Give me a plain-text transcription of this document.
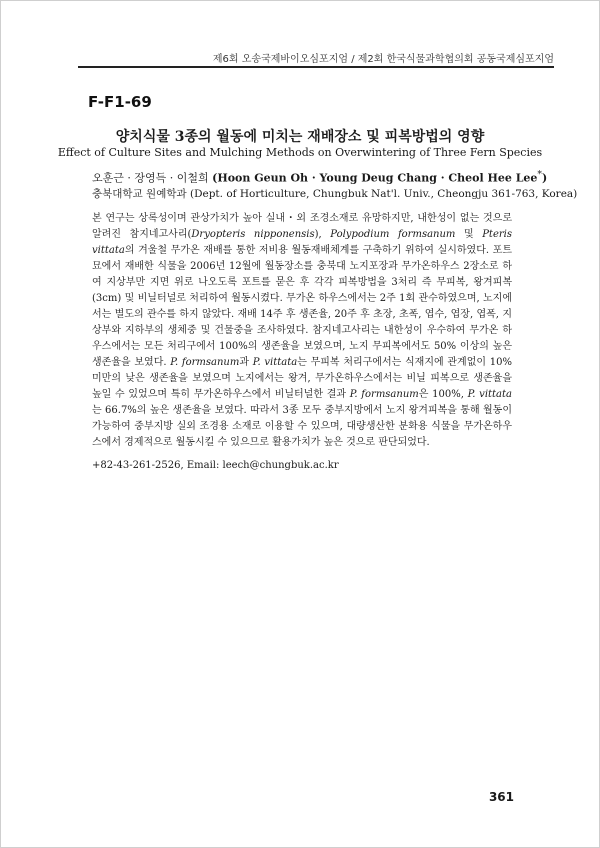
제6회 오송국제바이오심포지엄 / 제2회 한국식물과학협의회 공동국제심포지엄
F-F1-69
양치식물 3종의 월동에 미치는 재배장소 및 피복방법의 영향
Effect of Culture Sites and Mulching Methods on Overwintering of Three Fern Species
오훈근 · 장영득 · 이철희 (Hoon Geun Oh · Young Deug Chang · Cheol Hee Lee*)
충북대학교 원예학과 (Dept. of Horticulture, Chungbuk Nat'l. Univ., Cheongju 361-763, Korea)

본 연구는 상록성이며 관상가치가 높아 실내・외 조경소재로 유망하지만, 내한성이 없는 것으로 알려진 참지네고사리(Dryopteris nipponensis), Polypodium formsanum 및 Pteris vittata의 겨울철 무가온 재배를 통한 저비용 월동재배체계를 구축하기 위하여 실시하였다. 포트묘에서 재배한 식물을 2006년 12월에 월동장소를 충북대 노지포장과 무가온하우스 2장소로 하여 지상부만 지면 위로 나오도록 포트를 묻은 후 각각 피복방법을 3처리 즉 무피복, 왕겨피복(3cm) 및 비닐터널로 처리하여 월동시켰다. 무가온 하우스에서는 2주 1회 관수하였으며, 노지에서는 별도의 관수를 하지 않았다. 재배 14주 후 생존율, 20주 후 초장, 초폭, 엽수, 엽장, 엽폭, 지상부와 지하부의 생체중 및 건물중을 조사하였다. 참지네고사리는 내한성이 우수하여 무가온 하우스에서는 모든 처리구에서 100%의 생존율을 보였으며, 노지 무피복에서도 50% 이상의 높은 생존율을 보였다. P. formsanum과 P. vittata는 무피복 처리구에서는 식재지에 관계없이 10% 미만의 낮은 생존율을 보였으며 노지에서는 왕겨, 무가온하우스에서는 비닐 피복으로 생존율을 높일 수 있었으며 특히 무가온하우스에서 비닐터널한 결과 P. formsanum은 100%, P. vittata는 66.7%의 높은 생존율을 보였다. 따라서 3종 모두 중부지방에서 노지 왕겨피복을 통해 월동이 가능하여 중부지방 실외 조경용 소재로 이용할 수 있으며, 대량생산한 분화용 식물을 무가온하우스에서 경제적으로 월동시킬 수 있으므로 활용가치가 높은 것으로 판단되었다.

+82-43-261-2526, Email: leech@chungbuk.ac.kr
361
